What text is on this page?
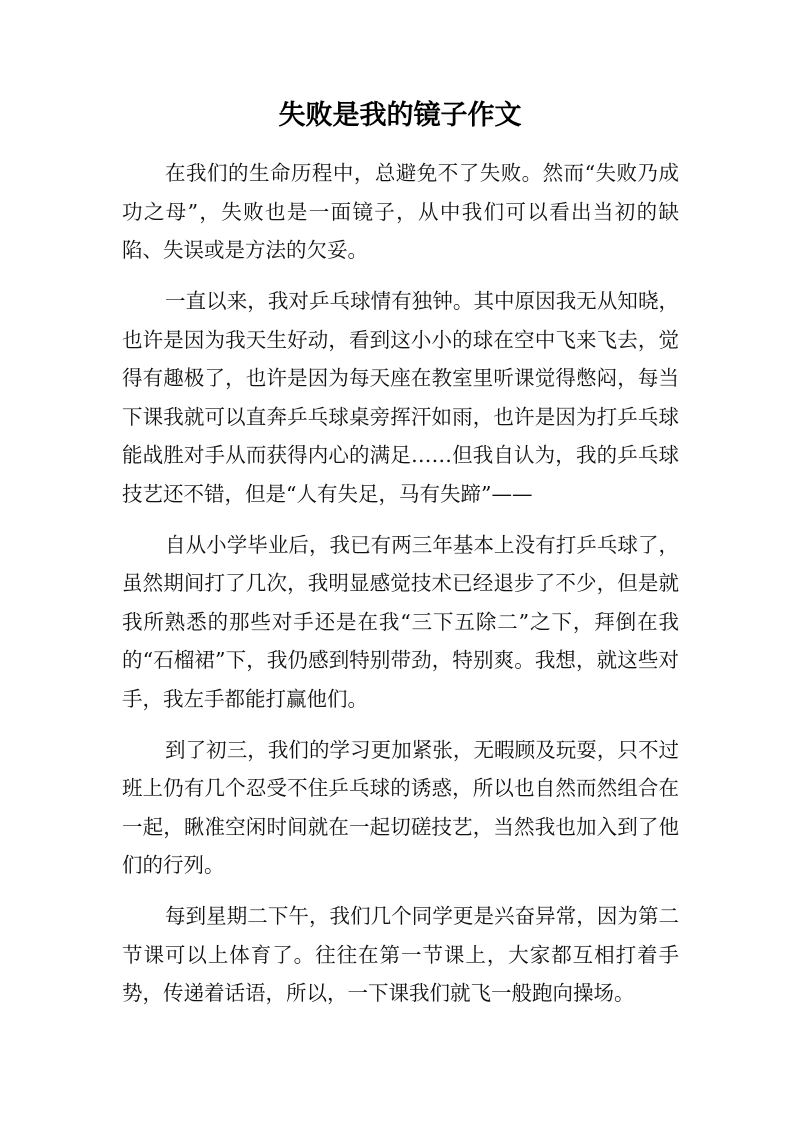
失败是我的镜子作文

在我们的生命历程中，总避免不了失败。然而“失败乃成功之母”，失败也是一面镜子，从中我们可以看出当初的缺陷、失误或是方法的欠妥。

一直以来，我对乒乓球情有独钟。其中原因我无从知晓，也许是因为我天生好动，看到这小小的球在空中飞来飞去，觉得有趣极了，也许是因为每天座在教室里听课觉得憋闷，每当下课我就可以直奔乒乓球桌旁挥汗如雨，也许是因为打乒乓球能战胜对手从而获得内心的满足……但我自认为，我的乒乓球技艺还不错，但是“人有失足，马有失蹄”——

自从小学毕业后，我已有两三年基本上没有打乒乓球了，虽然期间打了几次，我明显感觉技术已经退步了不少，但是就我所熟悉的那些对手还是在我“三下五除二”之下，拜倒在我的“石榴裙”下，我仍感到特别带劲，特别爽。我想，就这些对手，我左手都能打赢他们。

到了初三，我们的学习更加紧张，无暇顾及玩耍，只不过班上仍有几个忍受不住乒乓球的诱惑，所以也自然而然组合在一起，瞅准空闲时间就在一起切磋技艺，当然我也加入到了他们的行列。

每到星期二下午，我们几个同学更是兴奋异常，因为第二节课可以上体育了。往往在第一节课上，大家都互相打着手势，传递着话语，所以，一下课我们就飞一般跑向操场。
